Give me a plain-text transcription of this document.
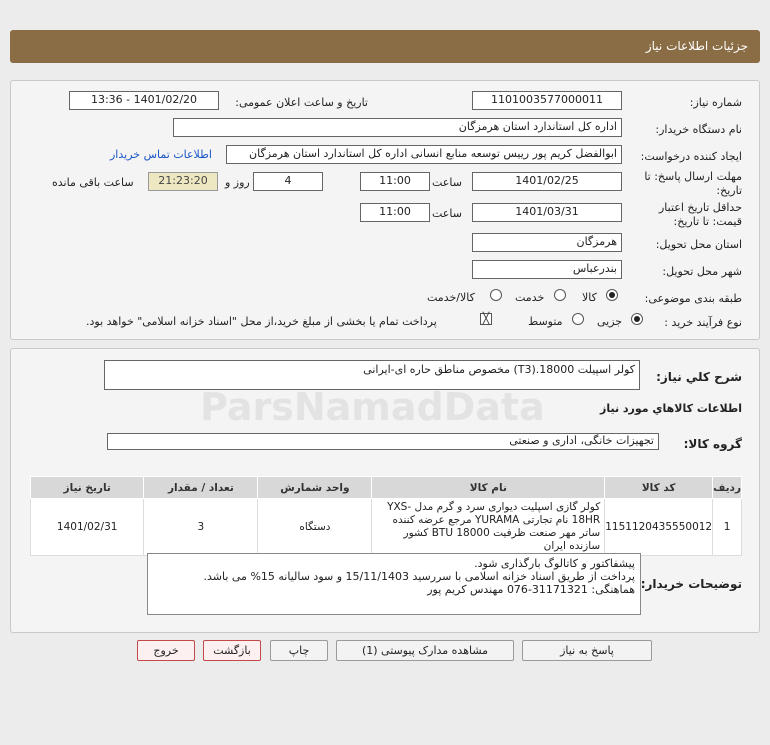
جزئیات اطلاعات نیاز
شماره نیاز:
1101003577000011
تاریخ و ساعت اعلان عمومی:
1401/02/20 - 13:36
نام دستگاه خریدار:
اداره کل استاندارد استان هرمزگان
ایجاد کننده درخواست:
ابوالفضل کریم پور رییس توسعه منابع انسانی اداره کل استاندارد استان هرمزگان
اطلاعات تماس خریدار
مهلت ارسال پاسخ: تا
تاریخ:
1401/02/25
ساعت
11:00
4
روز و
21:23:20
ساعت باقی مانده
حداقل تاریخ اعتبار
قیمت: تا تاریخ:
1401/03/31
ساعت
11:00
استان محل تحویل:
هرمزگان
شهر محل تحویل:
بندرعباس
طبقه بندی موضوعی:
کالا
خدمت
کالا/خدمت
نوع فرآیند خرید :
جزیی
متوسط
╳
پرداخت تمام یا بخشی از مبلغ خرید،از محل "اسناد خزانه اسلامی" خواهد بود.
شرح کلي نياز:
کولر اسپیلت 18000.(T3) مخصوص مناطق حاره ای-ایرانی
اطلاعات کالاهاي مورد نياز
گروه کالا:
تجهیزات خانگی، اداری و صنعتی
ردیف	کد کالا	نام کالا	واحد شمارش	تعداد / مقدار	تاریخ نیاز
1	1151120435550012	کولر گازی اسپلیت دیواری سرد و گرم مدل YXS-18HR نام تجارتی YURAMA مرجع عرضه کننده ساتر مهر صنعت ظرفیت 18000 BTU کشور سازنده ایران	دستگاه	3	1401/02/31
توضیحات خریدار:
پیشفاکتور و کاتالوگ بارگذاری شود.
پرداخت از طریق اسناد خزانه اسلامی با سررسید 15/11/1403 و سود سالیانه 15% می باشد.
هماهنگی: 31171321-076 مهندس کریم پور
پاسخ به نیاز
مشاهده مدارک پیوستی (1)
چاپ
بازگشت
خروج
